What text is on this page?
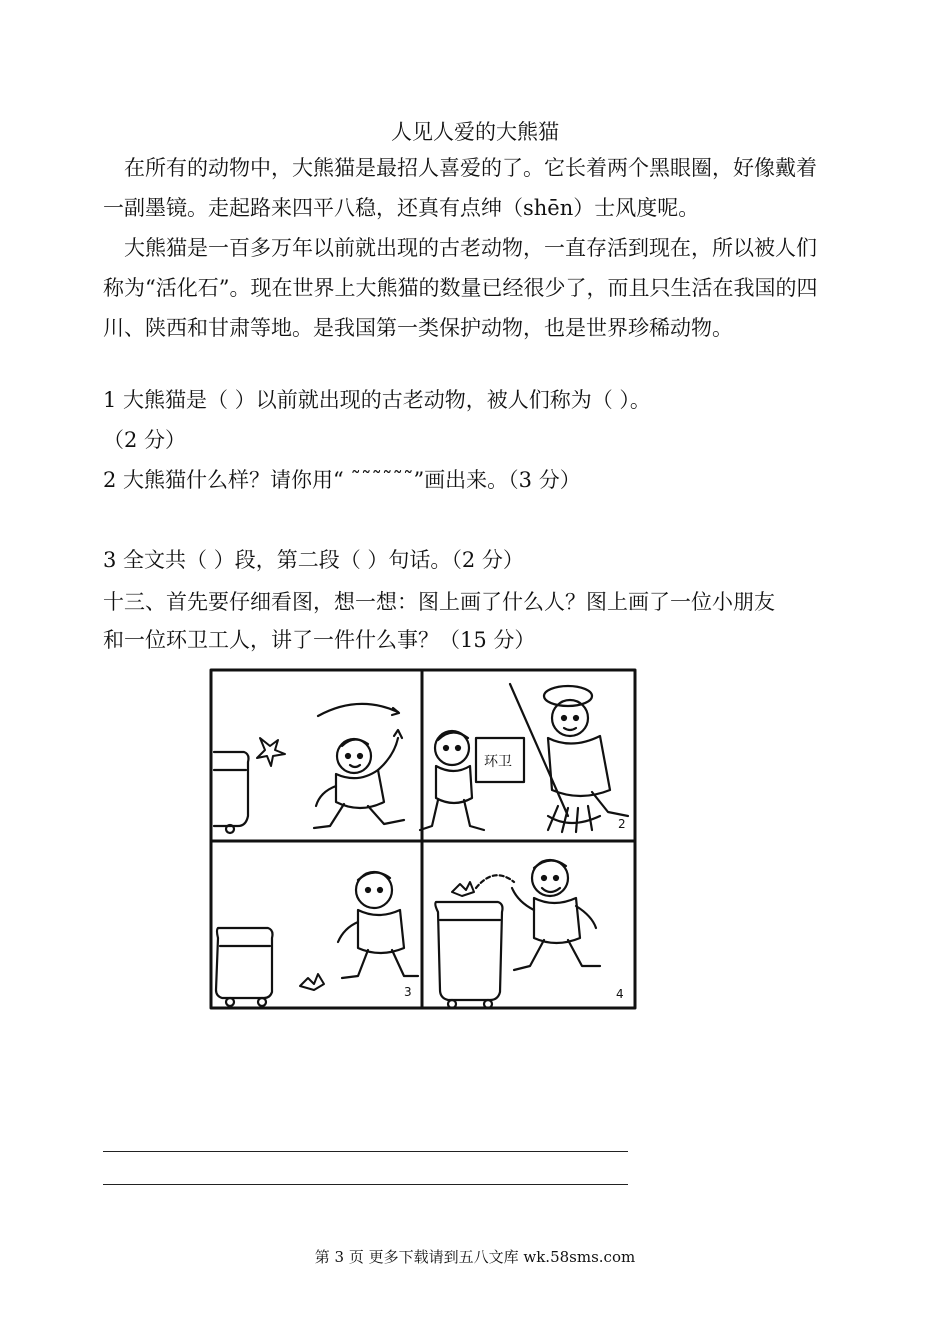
人见人爱的大熊猫
在所有的动物中，大熊猫是最招人喜爱的了。它长着两个黑眼圈，好像戴着一副墨镜。走起路来四平八稳，还真有点绅（shēn）士风度呢。
大熊猫是一百多万年以前就出现的古老动物，一直存活到现在，所以被人们称为“活化石”。现在世界上大熊猫的数量已经很少了，而且只生活在我国的四川、陕西和甘肃等地。是我国第一类保护动物，也是世界珍稀动物。
1 大熊猫是（ ）以前就出现的古老动物，被人们称为（ ）。
（2 分）
2 大熊猫什么样？请你用“ ˜˜˜˜˜˜”画出来。（3 分）
3 全文共（ ）段，第二段（ ）句话。（2 分）
十三、首先要仔细看图，想一想：图上画了什么人？图上画了一位小朋友
和一位环卫工人，讲了一件什么事？（15 分）
环卫
2
3	4
第 3 页 更多下载请到五八文库 wk.58sms.com
